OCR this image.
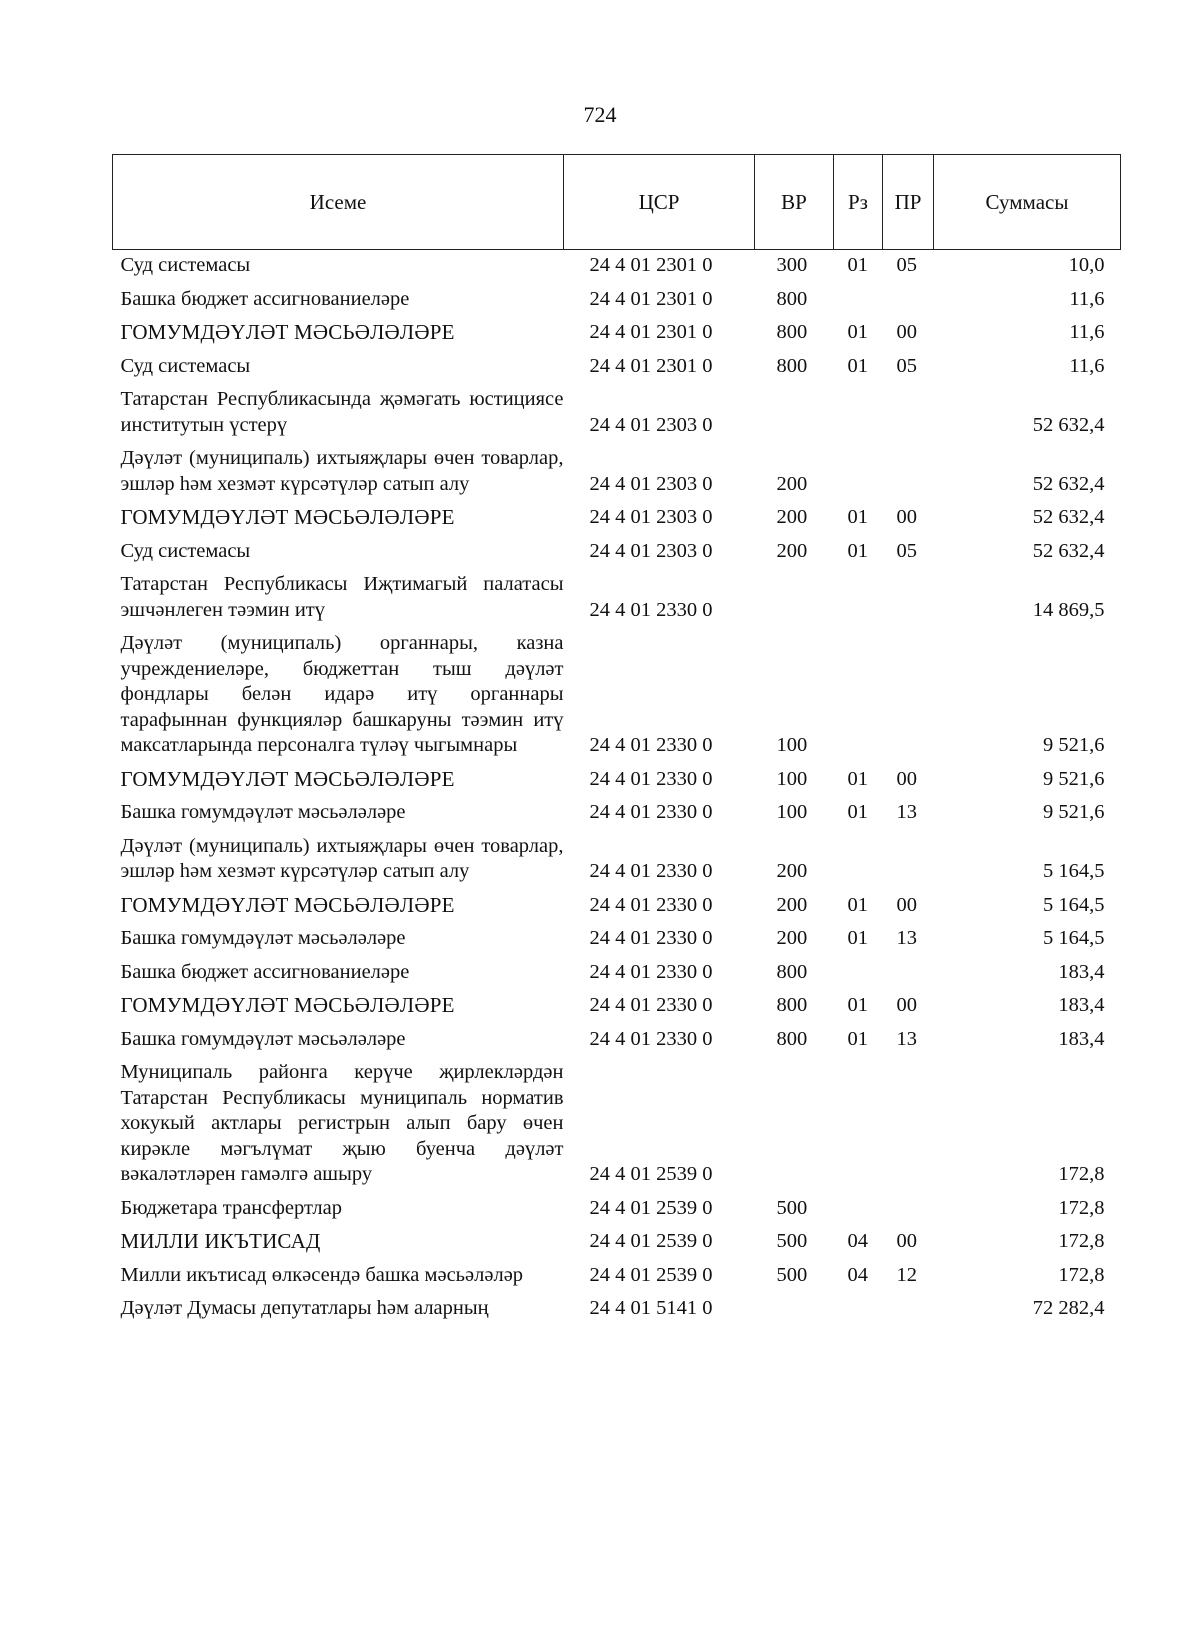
724
Исеме	ЦСР	ВР	Рз	ПР	Суммасы
Суд системасы	24 4 01 2301 0	300	01	05	10,0
Башка бюджет ассигнованиеләре	24 4 01 2301 0	800			11,6
ГОМУМДӘҮЛӘТ МӘСЬӘЛӘЛӘРЕ	24 4 01 2301 0	800	01	00	11,6
Суд системасы	24 4 01 2301 0	800	01	05	11,6
Татарстан Республикасында җәмәгать юстициясе институтын үстерү	24 4 01 2303 0				52 632,4
Дәүләт (муниципаль) ихтыяҗлары өчен товарлар, эшләр һәм хезмәт күрсәтүләр сатып алу	24 4 01 2303 0	200			52 632,4
ГОМУМДӘҮЛӘТ МӘСЬӘЛӘЛӘРЕ	24 4 01 2303 0	200	01	00	52 632,4
Суд системасы	24 4 01 2303 0	200	01	05	52 632,4
Татарстан Республикасы Иҗтимагый палатасы эшчәнлеген тәэмин итү	24 4 01 2330 0				14 869,5
Дәүләт (муниципаль) органнары, казна учреждениеләре, бюджеттан тыш дәүләт фондлары белән идарә итү органнары тарафыннан функцияләр башкаруны тәэмин итү максатларында персоналга түләү чыгымнары	24 4 01 2330 0	100			9 521,6
ГОМУМДӘҮЛӘТ МӘСЬӘЛӘЛӘРЕ	24 4 01 2330 0	100	01	00	9 521,6
Башка гомумдәүләт мәсьәләләре	24 4 01 2330 0	100	01	13	9 521,6
Дәүләт (муниципаль) ихтыяҗлары өчен товарлар, эшләр һәм хезмәт күрсәтүләр сатып алу	24 4 01 2330 0	200			5 164,5
ГОМУМДӘҮЛӘТ МӘСЬӘЛӘЛӘРЕ	24 4 01 2330 0	200	01	00	5 164,5
Башка гомумдәүләт мәсьәләләре	24 4 01 2330 0	200	01	13	5 164,5
Башка бюджет ассигнованиеләре	24 4 01 2330 0	800			183,4
ГОМУМДӘҮЛӘТ МӘСЬӘЛӘЛӘРЕ	24 4 01 2330 0	800	01	00	183,4
Башка гомумдәүләт мәсьәләләре	24 4 01 2330 0	800	01	13	183,4
Муниципаль районга керүче җирлекләрдән Татарстан Республикасы муниципаль норматив хокукый актлары регистрын алып бару өчен кирәкле мәгълүмат җыю буенча дәүләт вәкаләтләрен гамәлгә ашыру	24 4 01 2539 0				172,8
Бюджетара трансфертлар	24 4 01 2539 0	500			172,8
МИЛЛИ ИКЪТИСАД	24 4 01 2539 0	500	04	00	172,8
Милли икътисад өлкәсендә башка мәсьәләләр	24 4 01 2539 0	500	04	12	172,8
Дәүләт Думасы депутатлары һәм аларның	24 4 01 5141 0				72 282,4
